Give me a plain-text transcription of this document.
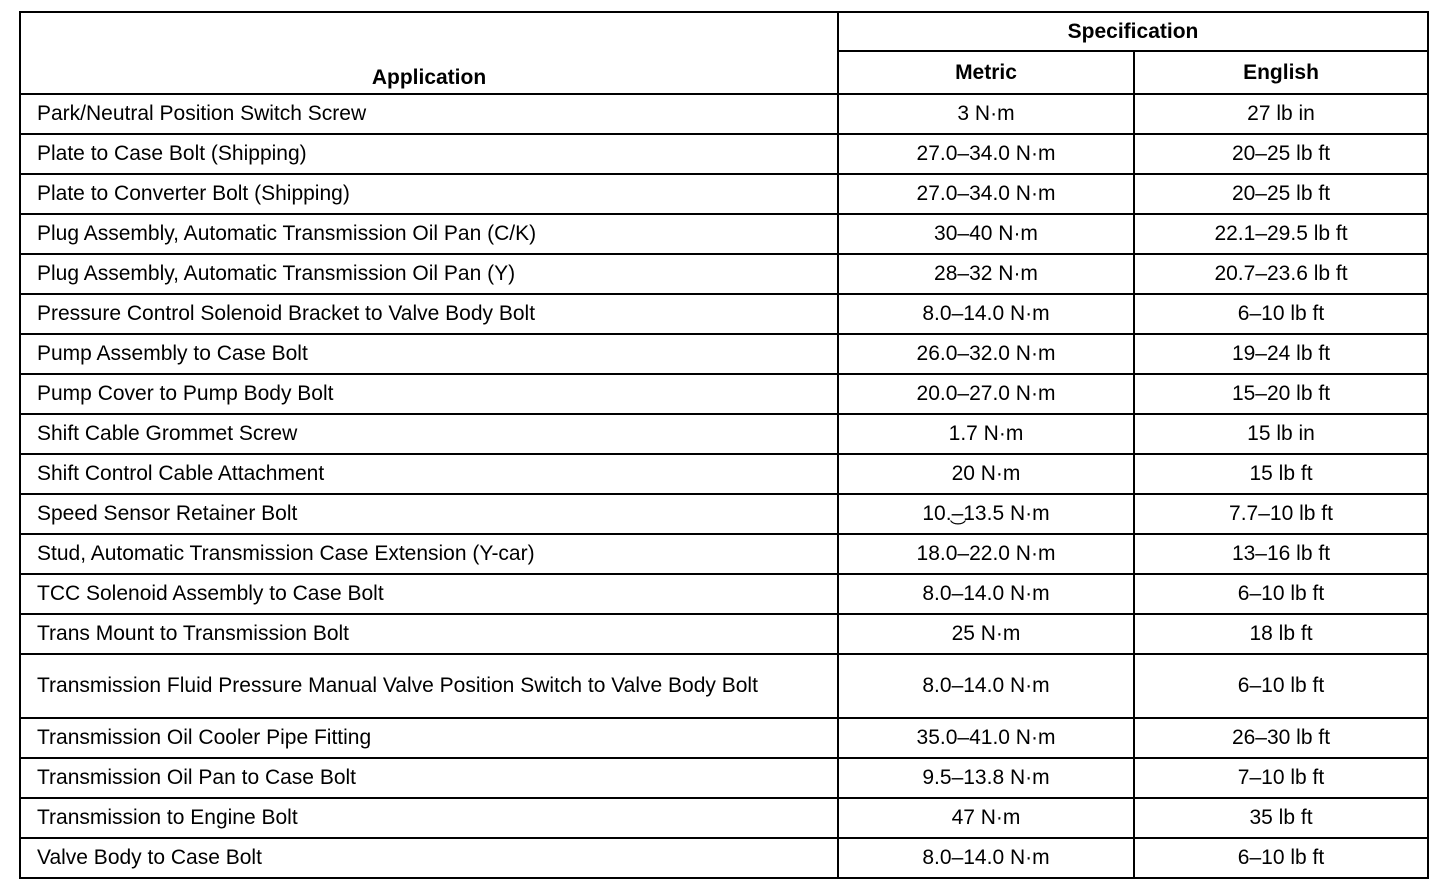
Application	Specification	
	Metric	English
Park/Neutral Position Switch Screw	3 N·m	27 lb in
Plate to Case Bolt (Shipping)	27.0–34.0 N·m	20–25 lb ft
Plate to Converter Bolt (Shipping)	27.0–34.0 N·m	20–25 lb ft
Plug Assembly, Automatic Transmission Oil Pan (C/K)	30–40 N·m	22.1–29.5 lb ft
Plug Assembly, Automatic Transmission Oil Pan (Y)	28–32 N·m	20.7–23.6 lb ft
Pressure Control Solenoid Bracket to Valve Body Bolt	8.0–14.0 N·m	6–10 lb ft
Pump Assembly to Case Bolt	26.0–32.0 N·m	19–24 lb ft
Pump Cover to Pump Body Bolt	20.0–27.0 N·m	15–20 lb ft
Shift Cable Grommet Screw	1.7 N·m	15 lb in
Shift Control Cable Attachment	20 N·m	15 lb ft
Speed Sensor Retainer Bolt	10.͜–13.5 N·m	7.7–10 lb ft
Stud, Automatic Transmission Case Extension (Y-car)	18.0–22.0 N·m	13–16 lb ft
TCC Solenoid Assembly to Case Bolt	8.0–14.0 N·m	6–10 lb ft
Trans Mount to Transmission Bolt	25 N·m	18 lb ft
Transmission Fluid Pressure Manual Valve Position Switch to Valve Body Bolt	8.0–14.0 N·m	6–10 lb ft
Transmission Oil Cooler Pipe Fitting	35.0–41.0 N·m	26–30 lb ft
Transmission Oil Pan to Case Bolt	9.5–13.8 N·m	7–10 lb ft
Transmission to Engine Bolt	47 N·m	35 lb ft
Valve Body to Case Bolt	8.0–14.0 N·m	6–10 lb ft
